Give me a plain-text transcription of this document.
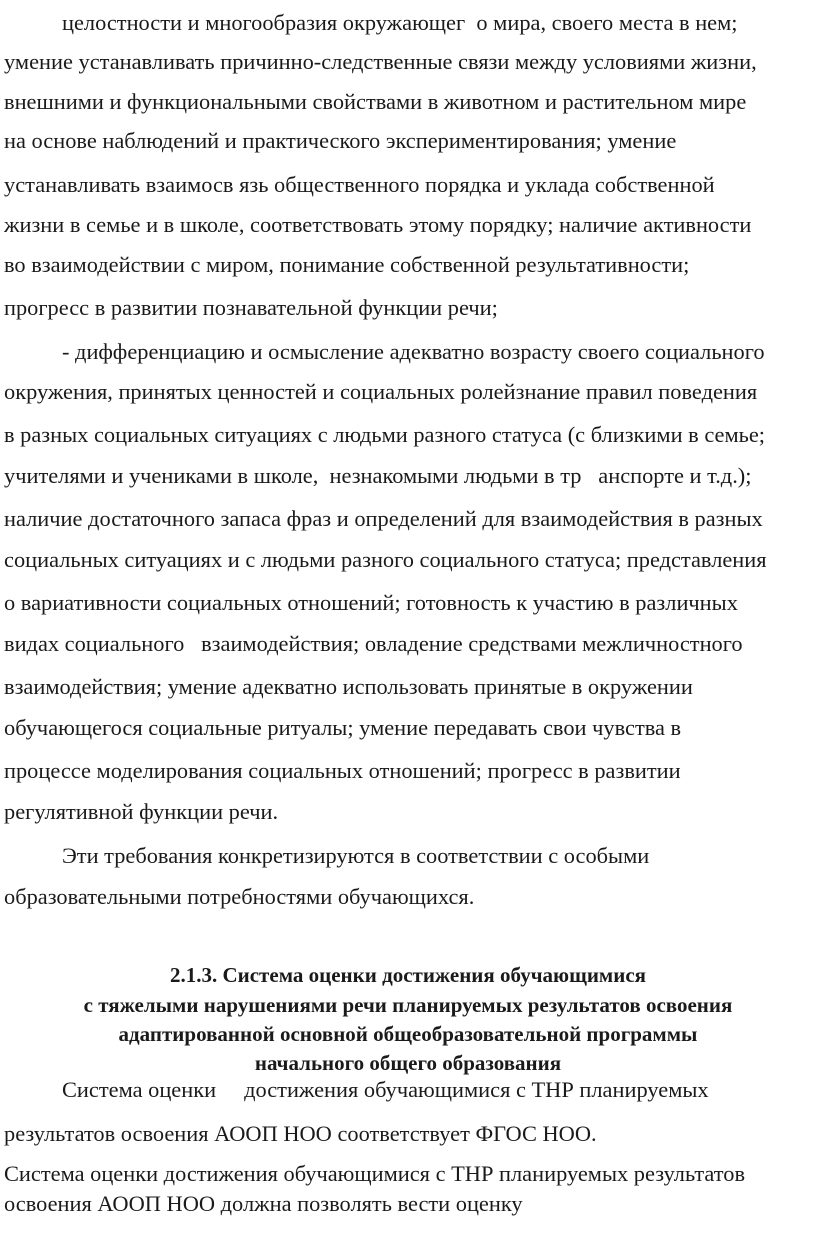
целостности и многообразия окружающег  о мира, своего места в нем;
умение устанавливать причинно-следственные связи между условиями жизни,
внешними и функциональными свойствами в животном и растительном мире
на основе наблюдений и практического экспериментирования; умение
устанавливать взаимосв язь общественного порядка и уклада собственной
жизни в семье и в школе, соответствовать этому порядку; наличие активности
во взаимодействии с миром, понимание собственной результативности;
прогресс в развитии познавательной функции речи;
- дифференциацию и осмысление адекватно возрасту своего социального
окружения, принятых ценностей и социальных ролейзнание правил поведения
в разных социальных ситуациях с людьми разного статуса (с близкими в семье;
учителями и учениками в школе,  незнакомыми людьми в тр   анспорте и т.д.);
наличие достаточного запаса фраз и определений для взаимодействия в разных
социальных ситуациях и с людьми разного социального статуса; представления
о вариативности социальных отношений; готовность к участию в различных
видах социального   взаимодействия; овладение средствами межличностного
взаимодействия; умение адекватно использовать принятые в окружении
обучающегося социальные ритуалы; умение передавать свои чувства в
процессе моделирования социальных отношений; прогресс в развитии
регулятивной функции речи.
Эти требования конкретизируются в соответствии с особыми
образовательными потребностями обучающихся.
2.1.3. Система оценки достижения обучающимися
с тяжелыми нарушениями речи планируемых результатов освоения
адаптированной основной общеобразовательной программы
начального общего образования
Система оценки     достижения обучающимися с ТНР планируемых
результатов освоения АООП НОО соответствует ФГОС НОО.
Система оценки достижения обучающимися с ТНР планируемых результатов
освоения АООП НОО должна позволять вести оценку
